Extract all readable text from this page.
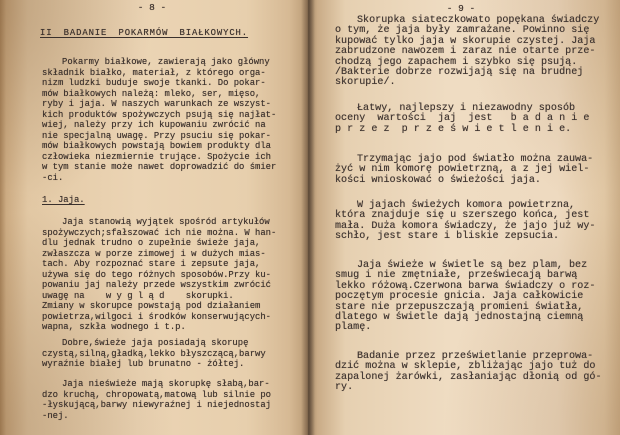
- 8 -
II BADANIE POKARMÓW BIAŁKOWYCH.
Pokarmy białkowe, zawierają jako główny
składnik białko, materiał, z którego orga-
nizm ludzki buduje swoje tkanki. Do pokar-
mów białkowych należą: mleko, ser, mięso,
ryby i jaja. W naszych warunkach ze wszyst-
kich produktów spożywczych psują się najłat-
wiej, należy przy ich kupowaniu zwrócić na
nie specjalną uwagę. Przy psuciu się pokar-
mów białkowych powstają bowiem produkty dla
człowieka niezmiernie trujące. Spożycie ich
w tym stanie może nawet doprowadzić do śmier
-ci.
1. Jaja.
Jaja stanowią wyjątek spośród artykułów
spożywczych;sfałszować ich nie można. W han-
dlu jednak trudno o zupełnie świeże jaja,
zwłaszcza w porze zimowej i w dużych mias-
tach. Aby rozpoznać stare i zepsute jaja,
używa się do tego różnych sposobów.Przy ku-
powaniu jaj należy przede wszystkim zwrócić
uwagę na    w y g l ą d    skorupki.
Zmiany w skorupce powstają pod działaniem
powietrza,wilgoci i środków konserwujących-
wapna, szkła wodnego i t.p.
Dobre,świeże jaja posiadają skorupę
czystą,silną,gładką,lekko błyszczącą,barwy
wyraźnie białej lub brunatno - żółtej.
Jaja nieświeże mają skorupkę słabą,bar-
dzo kruchą, chropowatą,matową lub silnie po
-łyskującą,barwy niewyraźnej i niejednostaj
-nej.
- 9 -
Skorupka siateczkowato popękana świadczy
o tym, że jaja były zamrażane. Powinno się
kupować tylko jaja w skorupie czystej. Jaja
zabrudzone nawozem i zaraz nie otarte prze-
chodzą jego zapachem i szybko się psują.
/Bakterie dobrze rozwijają się na brudnej
skorupie/.
Łatwy, najlepszy i niezawodny sposób
oceny  wartości  jaj  jest   b a d a n i e
p r z e z  p r z e ś w i e t l e n i e.
Trzymając jajo pod światło można zauwa-
żyć w nim komorę powietrzną, a z jej wiel-
kości wnioskować o świeżości jaja.
W jajach świeżych komora powietrzna,
która znajduje się u szerszego końca, jest
mała. Duża komora świadczy, że jajo już wy-
schło, jest stare i bliskie zepsucia.
Jaja świeże w świetle są bez plam, bez
smug i nie zmętniałe, przeświecają barwą
lekko różową.Czerwona barwa świadczy o roz-
poczętym procesie gnicia. Jaja całkowicie
stare nie przepuszczają promieni światła,
dlatego w świetle dają jednostajną ciemną
plamę.
Badanie przez prześwietlanie przeprowa-
dzić można w sklepie, zbliżając jajo tuż do
zapalonej żarówki, zasłaniając dłonią od gó-
ry.
